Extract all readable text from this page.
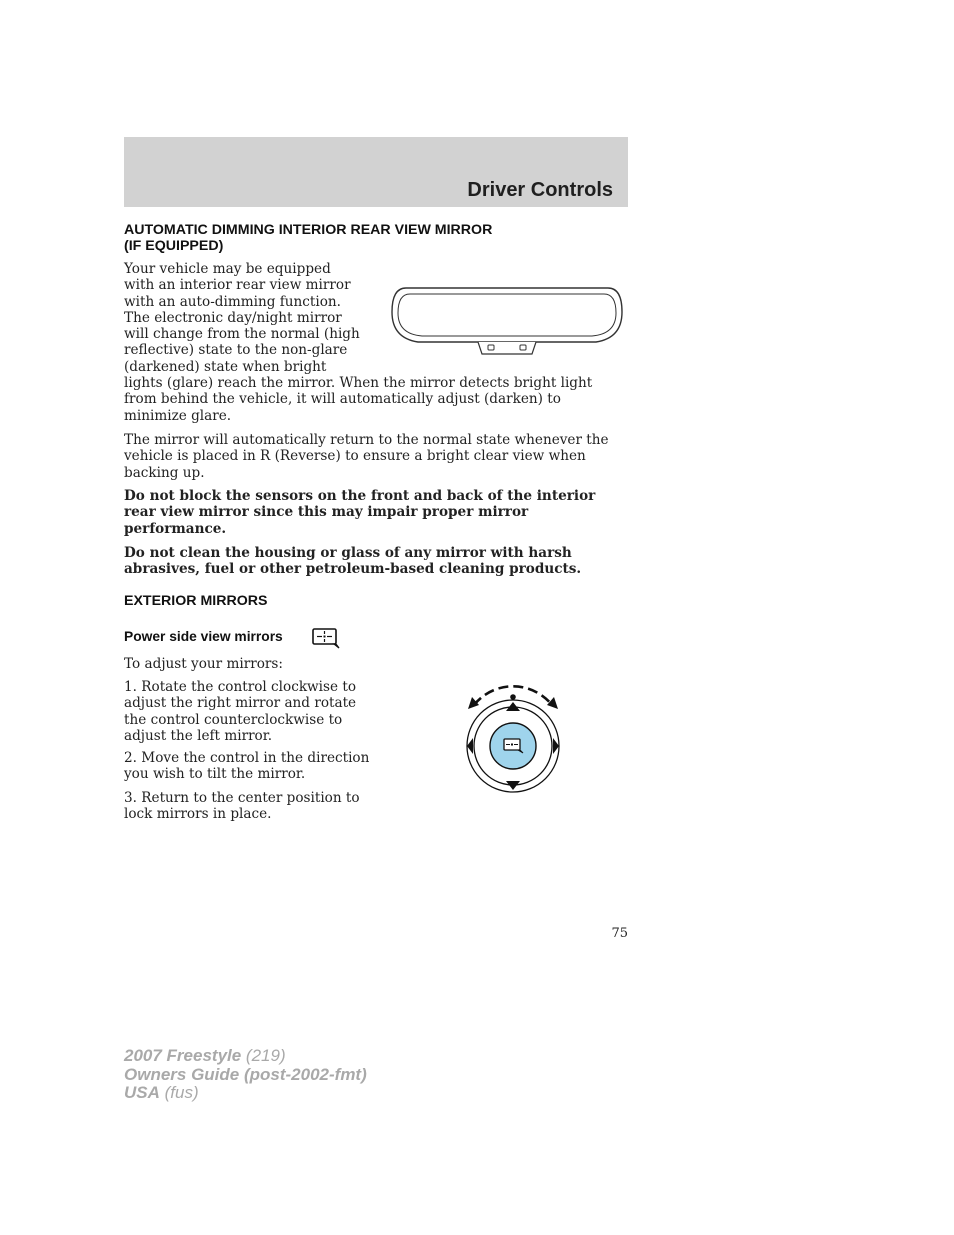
Driver Controls
AUTOMATIC DIMMING INTERIOR REAR VIEW MIRROR
(IF EQUIPPED)

Your vehicle may be equipped with an interior rear view mirror with an auto-dimming function. The electronic day/night mirror will change from the normal (high reflective) state to the non-glare (darkened) state when bright lights (glare) reach the mirror. When the mirror detects bright light from behind the vehicle, it will automatically adjust (darken) to minimize glare.

The mirror will automatically return to the normal state whenever the vehicle is placed in R (Reverse) to ensure a bright clear view when backing up.

Do not block the sensors on the front and back of the interior rear view mirror since this may impair proper mirror performance.

Do not clean the housing or glass of any mirror with harsh abrasives, fuel or other petroleum-based cleaning products.

EXTERIOR MIRRORS
Power side view mirrors

To adjust your mirrors:

1. Rotate the control clockwise to adjust the right mirror and rotate the control counterclockwise to adjust the left mirror.

2. Move the control in the direction you wish to tilt the mirror.

3. Return to the center position to lock mirrors in place.

75
2007 Freestyle (219)
Owners Guide (post-2002-fmt)
USA (fus)
